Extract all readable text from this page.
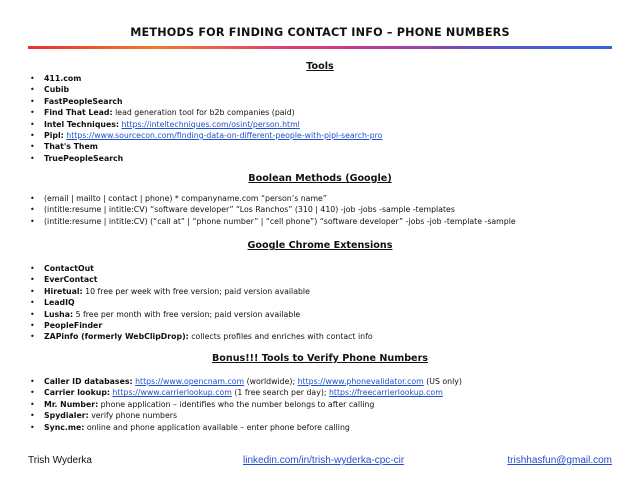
METHODS FOR FINDING CONTACT INFO – PHONE NUMBERS
Tools
• 411.com
• Cubib
• FastPeopleSearch
• Find That Lead: lead generation tool for b2b companies (paid)
• Intel Techniques: https://inteltechniques.com/osint/person.html
• Pipl: https://www.sourcecon.com/finding-data-on-different-people-with-pipl-search-pro
• That's Them
• TruePeopleSearch
Boolean Methods (Google)
• (email | mailto | contact | phone) * companyname.com “person’s name”
• (intitle:resume | intitle:CV) “software developer” “Los Ranchos” (310 | 410) -job -jobs -sample -templates
• (intitle:resume | intitle:CV) (“call at” | “phone number” | “cell phone”) “software developer” -jobs -job -template -sample
Google Chrome Extensions
• ContactOut
• EverContact
• Hiretual: 10 free per week with free version; paid version available
• LeadIQ
• Lusha: 5 free per month with free version; paid version available
• PeopleFinder
• ZAPinfo (formerly WebClipDrop): collects profiles and enriches with contact info
Bonus!!! Tools to Verify Phone Numbers
• Caller ID databases: https://www.opencnam.com (worldwide); https://www.phonevalidator.com (US only)
• Carrier lookup: https://www.carrierlookup.com (1 free search per day); https://freecarrierlookup.com
• Mr. Number: phone application – identifies who the number belongs to after calling
• Spydialer: verify phone numbers
• Sync.me: online and phone application available – enter phone before calling
Trish Wyderka	linkedin.com/in/trish-wyderka-cpc-cir	trishhasfun@gmail.com
